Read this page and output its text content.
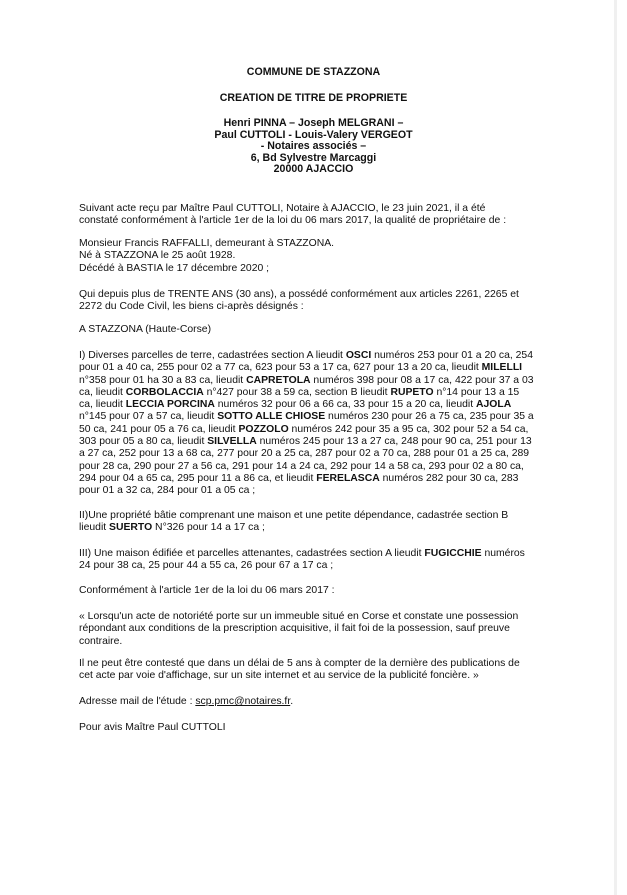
COMMUNE DE STAZZONA
CREATION DE TITRE DE PROPRIETE
Henri PINNA – Joseph MELGRANI –
Paul CUTTOLI - Louis-Valery VERGEOT
- Notaires associés –
6, Bd Sylvestre Marcaggi
20000 AJACCIO
Suivant acte reçu par Maître Paul CUTTOLI, Notaire à AJACCIO, le 23 juin 2021, il a été
constaté conformément à l'article 1er de la loi du 06 mars 2017, la qualité de propriétaire de :
Monsieur Francis RAFFALLI, demeurant à STAZZONA.
Né à STAZZONA le 25 août 1928.
Décédé à BASTIA le 17 décembre 2020 ;
Qui depuis plus de TRENTE ANS (30 ans), a possédé conformément aux articles 2261, 2265 et
2272 du Code Civil, les biens ci-après désignés :
A STAZZONA (Haute-Corse)

I) Diverses parcelles de terre, cadastrées section A lieudit OSCI numéros 253 pour 01 a 20 ca, 254 pour 01 a 40 ca, 255 pour 02 a 77 ca, 623 pour 53 a 17 ca, 627 pour 13 a 20 ca, lieudit MILELLI n°358 pour 01 ha 30 a 83 ca, lieudit CAPRETOLA numéros 398 pour 08 a 17 ca, 422 pour 37 a 03 ca, lieudit CORBOLACCIA n°427 pour 38 a 59 ca, section B lieudit RUPETO n°14 pour 13 a 15 ca, lieudit LECCIA PORCINA numéros 32 pour 06 a 66 ca, 33 pour 15 a 20 ca, lieudit AJOLA n°145 pour 07 a 57 ca, lieudit SOTTO ALLE CHIOSE numéros 230 pour 26 a 75 ca, 235 pour 35 a 50 ca, 241 pour 05 a 76 ca, lieudit POZZOLO numéros 242 pour 35 a 95 ca, 302 pour 52 a 54 ca, 303 pour 05 a 80 ca, lieudit SILVELLA numéros 245 pour 13 a 27 ca, 248 pour 90 ca, 251 pour 13 a 27 ca, 252 pour 13 a 68 ca, 277 pour 20 a 25 ca, 287 pour 02 a 70 ca, 288 pour 01 a 25 ca, 289 pour 28 ca, 290 pour 27 a 56 ca, 291 pour 14 a 24 ca, 292 pour 14 a 58 ca, 293 pour 02 a 80 ca, 294 pour 04 a 65 ca, 295 pour 11 a 86 ca, et lieudit FERELASCA numéros 282 pour 30 ca, 283 pour 01 a 32 ca, 284 pour 01 a 05 ca ;

II)Une propriété bâtie comprenant une maison et une petite dépendance, cadastrée section B lieudit SUERTO N°326 pour 14 a 17 ca ;

III) Une maison édifiée et parcelles attenantes, cadastrées section A lieudit FUGICCHIE numéros 24 pour 38 ca, 25 pour 44 a 55 ca, 26 pour 67 a 17 ca ;

Conformément à l'article 1er de la loi du 06 mars 2017 :
« Lorsqu'un acte de notoriété porte sur un immeuble situé en Corse et constate une possession répondant aux conditions de la prescription acquisitive, il fait foi de la possession, sauf preuve contraire.
Il ne peut être contesté que dans un délai de 5 ans à compter de la dernière des publications de cet acte par voie d'affichage, sur un site internet et au service de la publicité foncière. »
Adresse mail de l'étude : scp.pmc@notaires.fr.
Pour avis Maître Paul CUTTOLI
